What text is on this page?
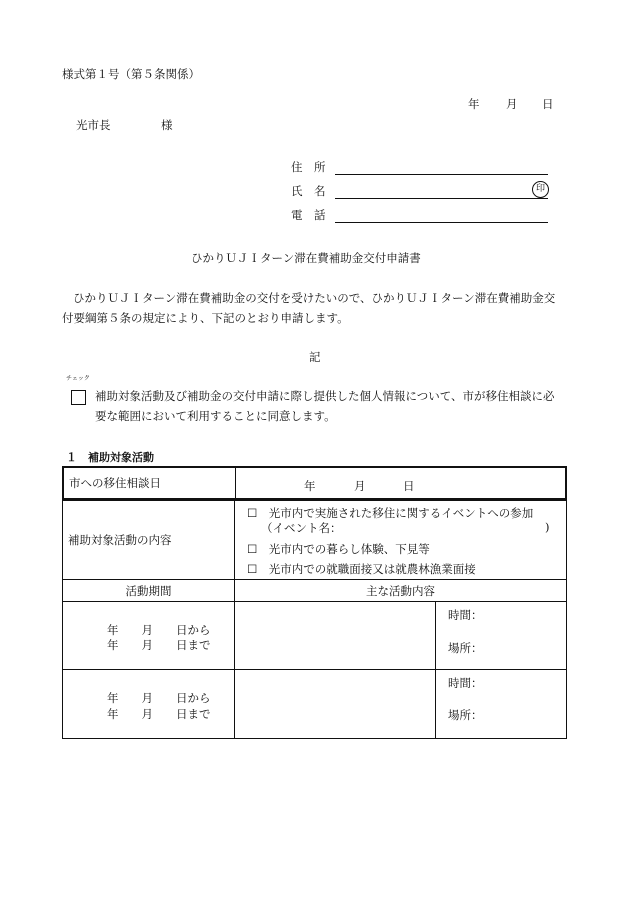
様式第１号（第５条関係）
年 月 日
光市長	様
住　所
氏　名	印
電　話
ひかりＵＪＩターン滞在費補助金交付申請書
ひかりＵＪＩターン滞在費補助金の交付を受けたいので、ひかりＵＪＩターン滞在費補助金交付要綱第５条の規定により、下記のとおり申請します。
記
チェック
補助対象活動及び補助金の交付申請に際し提供した個人情報について、市が移住相談に必要な範囲において利用することに同意します。
１　補助対象活動
市への移住相談日	年	月	日
補助対象活動の内容	☐　光市内で実施された移住に関するイベントへの参加
（イベント名： )
☐　光市内での暮らし体験、下見等
☐　光市内での就職面接又は就農林漁業面接	

活動期間	主な活動内容	

年　　月　　日から
年　　月　　日まで		時間：
場所：

年　　月　　日から
年　　月　　日まで		時間：
場所：
